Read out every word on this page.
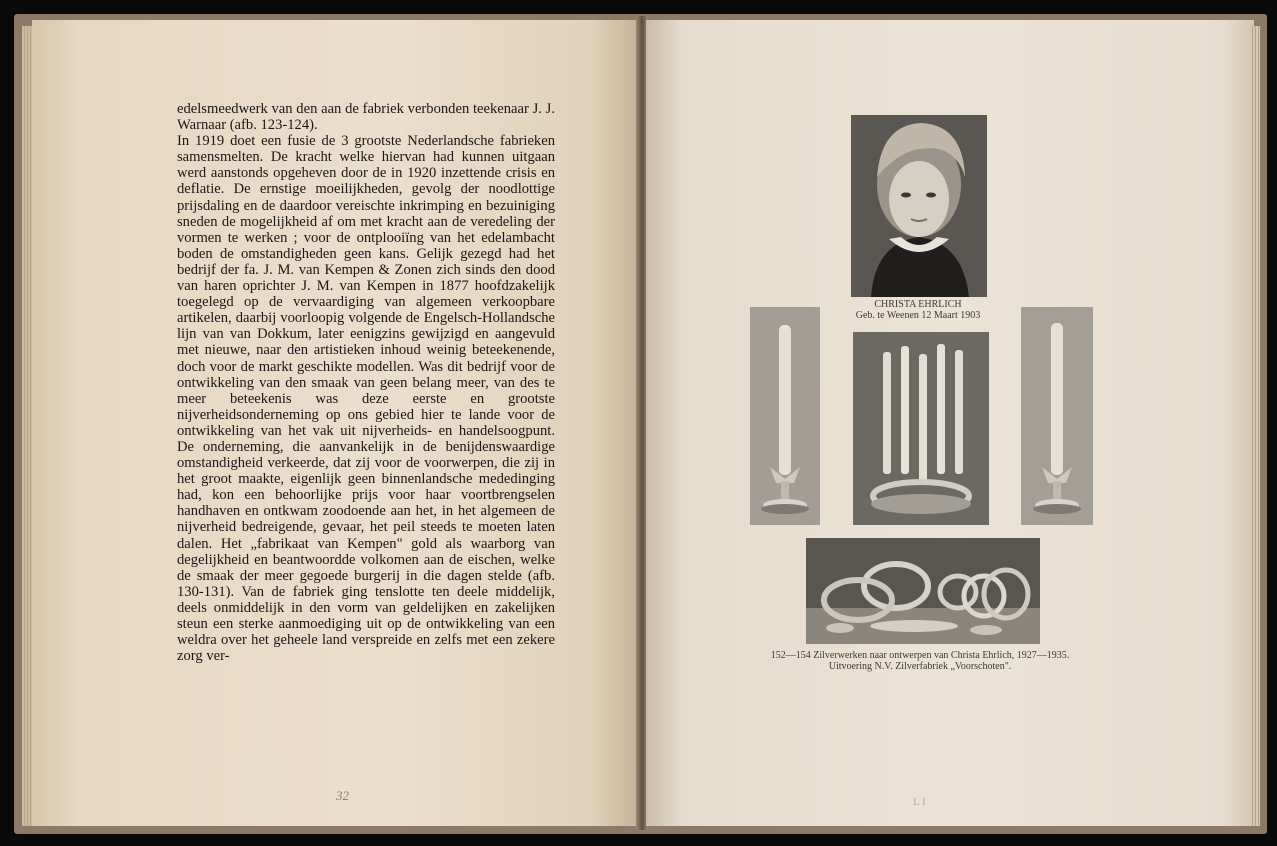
edelsmeedwerk van den aan de fabriek verbonden teekenaar J. J. Warnaar (afb. 123-124).

In 1919 doet een fusie de 3 grootste Nederlandsche fabrieken samensmelten. De kracht welke hiervan had kunnen uitgaan werd aanstonds opgeheven door de in 1920 inzettende crisis en deflatie. De ernstige moeilijkheden, gevolg der noodlottige prijsdaling en de daardoor vereischte inkrimping en bezuiniging sneden de mogelijkheid af om met kracht aan de veredeling der vormen te werken ; voor de ontplooiïng van het edelambacht boden de omstandigheden geen kans. Gelijk gezegd had het bedrijf der fa. J. M. van Kempen & Zonen zich sinds den dood van haren oprichter J. M. van Kempen in 1877 hoofdzakelijk toegelegd op de vervaardiging van algemeen verkoopbare artikelen, daarbij voorloopig volgende de Engelsch-Hollandsche lijn van van Dokkum, later eenigzins gewijzigd en aangevuld met nieuwe, naar den artistieken inhoud weinig beteekenende, doch voor de markt geschikte modellen. Was dit bedrijf voor de ontwikkeling van den smaak van geen belang meer, van des te meer beteekenis was deze eerste en grootste nijverheidsonderneming op ons gebied hier te lande voor de ontwikkeling van het vak uit nijverheids- en handelsoogpunt. De onderneming, die aanvankelijk in de benijdenswaardige omstandigheid verkeerde, dat zij voor de voorwerpen, die zij in het groot maakte, eigenlijk geen binnenlandsche mededinging had, kon een behoorlijke prijs voor haar voortbrengselen handhaven en ontkwam zoodoende aan het, in het algemeen de nijverheid bedreigende, gevaar, het peil steeds te moeten laten dalen. Het „fabrikaat van Kempen" gold als waarborg van degelijkheid en beantwoordde volkomen aan de eischen, welke de smaak der meer gegoede burgerij in die dagen stelde (afb. 130-131). Van de fabriek ging tenslotte ten deele middelijk, deels onmiddelijk in den vorm van geldelijken en zakelijken steun een sterke aanmoediging uit op de ontwikkeling van een weldra over het geheele land verspreide en zelfs met een zekere zorg ver-

32
CHRISTA EHRLICH
Geb. te Weenen 12 Maart 1903
152—154 Zilverwerken naar ontwerpen van Christa Ehrlich, 1927—1935.
Uitvoering N.V. Zilverfabriek „Voorschoten".
L I
